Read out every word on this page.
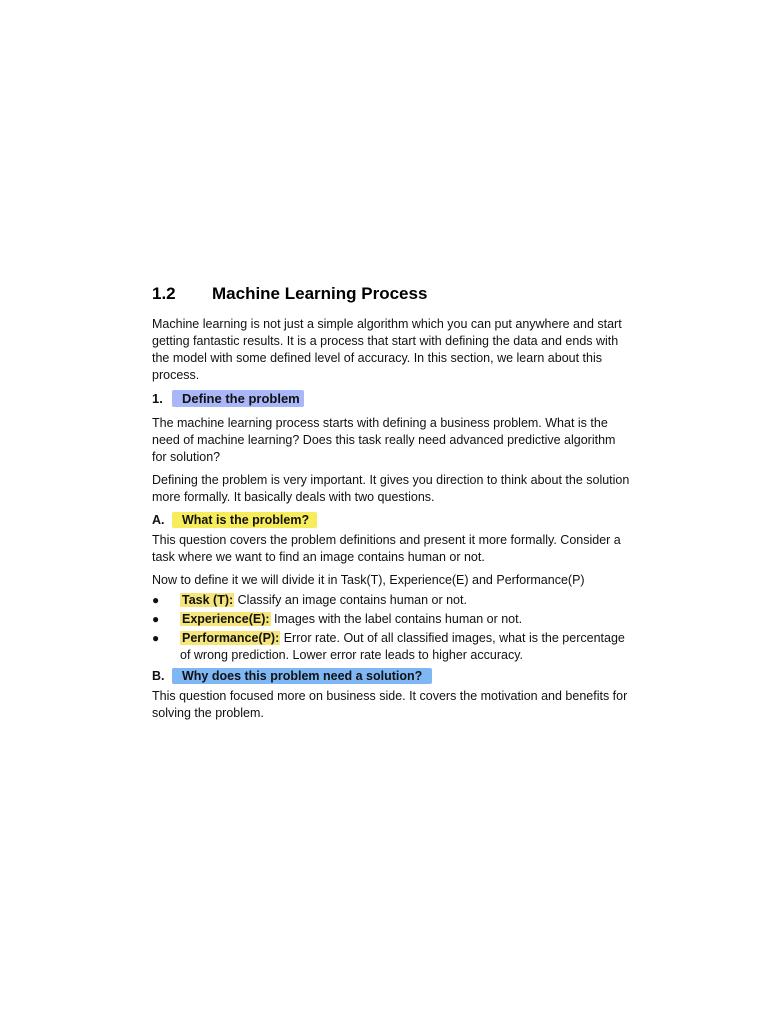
1.2	Machine Learning Process

Machine learning is not just a simple algorithm which you can put anywhere and start getting fantastic results. It is a process that start with defining the data and ends with the model with some defined level of accuracy. In this section, we learn about this process.

1.	Define the problem

The machine learning process starts with defining a business problem. What is the need of machine learning? Does this task really need advanced predictive algorithm for solution?

Defining the problem is very important. It gives you direction to think about the solution more formally. It basically deals with two questions.

A.	What is the problem?

This question covers the problem definitions and present it more formally. Consider a task where we want to find an image contains human or not.

Now to define it we will divide it in Task(T), Experience(E) and Performance(P)

●	Task (T): Classify an image contains human or not.
●	Experience(E): Images with the label contains human or not.
●	Performance(P): Error rate. Out of all classified images, what is the percentage of wrong prediction. Lower error rate leads to higher accuracy.
B.	Why does this problem need a solution?

This question focused more on business side. It covers the motivation and benefits for solving the problem.
